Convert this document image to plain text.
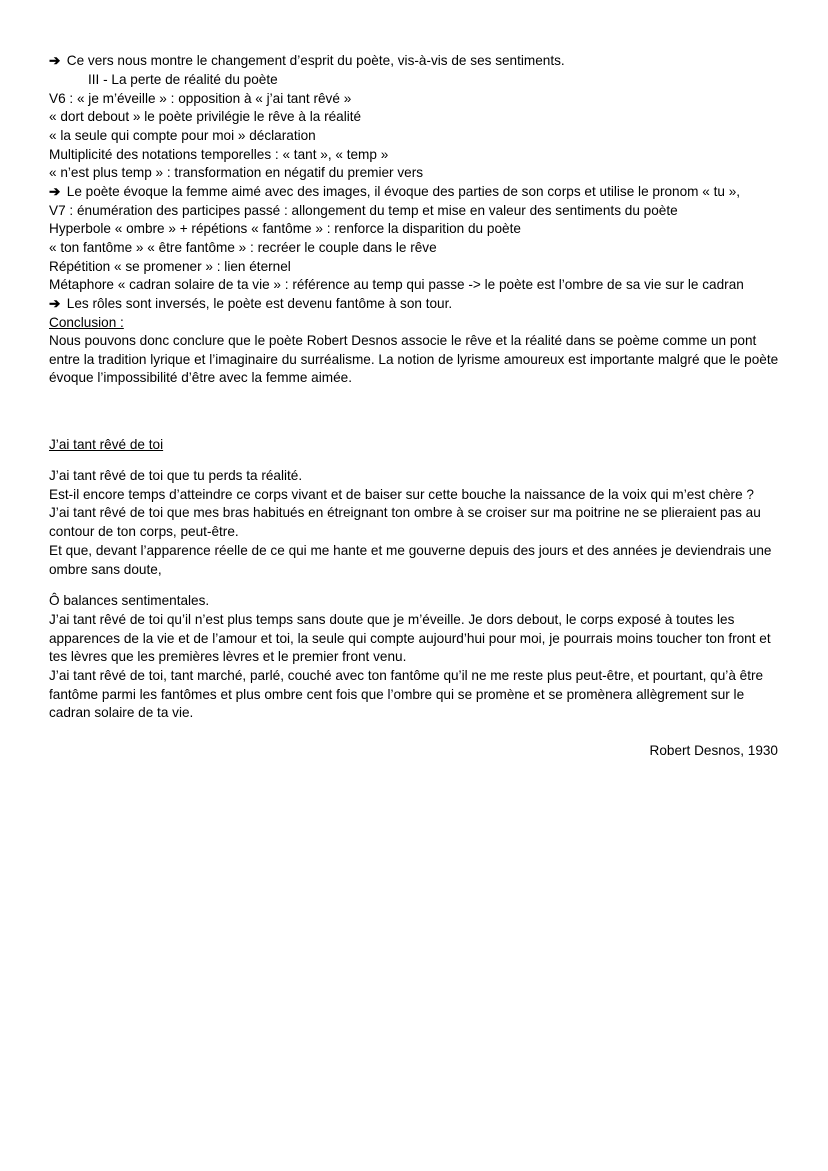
➔ Ce vers nous montre le changement d’esprit du poète, vis-à-vis de ses sentiments.
III - La perte de réalité du poète
V6 : « je m’éveille » : opposition à « j’ai tant rêvé »
« dort debout » le poète privilégie le rêve à la réalité
« la seule qui compte pour moi » déclaration
Multiplicité des notations temporelles : « tant », « temp »
« n’est plus temp » : transformation en négatif du premier vers
➔ Le poète évoque la femme aimé avec des images, il évoque des parties de son corps et utilise le pronom « tu »,
V7 : énumération des participes passé : allongement du temp et mise en valeur des sentiments du poète
Hyperbole « ombre » + répétions « fantôme » : renforce la disparition du poète
« ton fantôme » « être fantôme » : recréer le couple dans le rêve
Répétition « se promener » : lien éternel
Métaphore « cadran solaire de ta vie » : référence au temp qui passe -> le poète est l’ombre de sa vie sur le cadran
➔ Les rôles sont inversés, le poète est devenu fantôme à son tour.
Conclusion :
Nous pouvons donc conclure que le poète Robert Desnos associe le rêve et la réalité dans se poème comme un pont entre la tradition lyrique et l’imaginaire du surréalisme. La notion de lyrisme amoureux est importante malgré que le poète évoque l’impossibilité d’être avec la femme aimée.
J’ai tant rêvé de toi
J’ai tant rêvé de toi que tu perds ta réalité.
Est-il encore temps d’atteindre ce corps vivant et de baiser sur cette bouche la naissance de la voix qui m’est chère ?
J’ai tant rêvé de toi que mes bras habitués en étreignant ton ombre à se croiser sur ma poitrine ne se plieraient pas au contour de ton corps, peut-être.
Et que, devant l’apparence réelle de ce qui me hante et me gouverne depuis des jours et des années je deviendrais une ombre sans doute,
Ô balances sentimentales.
J’ai tant rêvé de toi qu’il n’est plus temps sans doute que je m’éveille. Je dors debout, le corps exposé à toutes les apparences de la vie et de l’amour et toi, la seule qui compte aujourd’hui pour moi, je pourrais moins toucher ton front et tes lèvres que les premières lèvres et le premier front venu.
J’ai tant rêvé de toi, tant marché, parlé, couché avec ton fantôme qu’il ne me reste plus peut-être, et pourtant, qu’à être fantôme parmi les fantômes et plus ombre cent fois que l’ombre qui se promène et se promènera allègrement sur le cadran solaire de ta vie.
Robert Desnos, 1930
